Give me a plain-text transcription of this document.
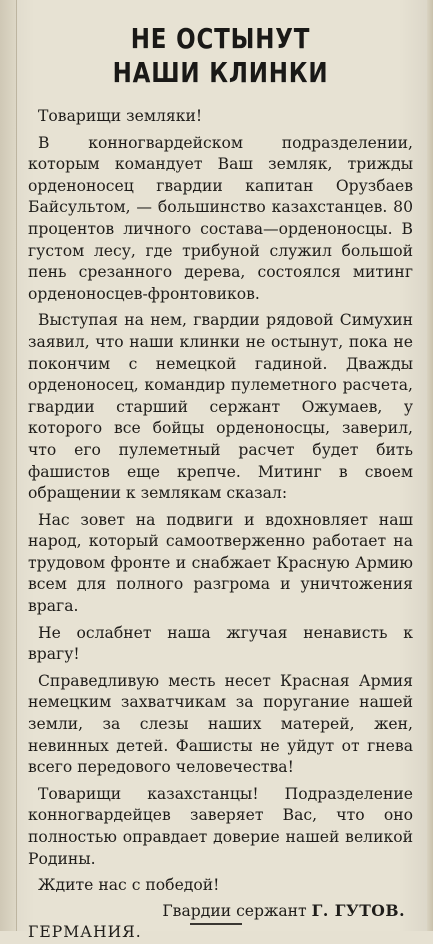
НЕ ОСТЫНУТ
НАШИ КЛИНКИ

Товарищи земляки!

В конногвардейском подразделении, которым командует Ваш земляк, трижды орденоносец гвардии капитан Орузбаев Байсультом, — большинство казахстанцев. 80 процентов личного состава—орденоносцы. В густом лесу, где трибуной служил большой пень срезанного дерева, состоялся митинг орденоносцев-фронтовиков.

Выступая на нем, гвардии рядовой Симухин заявил, что наши клинки не остынут, пока не покончим с немецкой гадиной. Дважды орденоносец, командир пулеметного расчета, гвардии старший сержант Ожумаев, у которого все бойцы орденоносцы, заверил, что его пулеметный расчет будет бить фашистов еще крепче. Митинг в своем обращении к землякам сказал:

Нас зовет на подвиги и вдохновляет наш народ, который самоотверженно работает на трудовом фронте и снабжает Красную Армию всем для полного разгрома и уничтожения врага.

Не ослабнет наша жгучая ненависть к врагу!

Справедливую месть несет Красная Армия немецким захватчикам за поругание нашей земли, за слезы наших матерей, жен, невинных детей. Фашисты не уйдут от гнева всего передового человечества!

Товарищи казахстанцы! Подразделение конногвардейцев заверяет Вас, что оно полностью оправдает доверие нашей великой Родины.

Ждите нас с победой!

Гвардии сержант Г. ГУТОВ.

ГЕРМАНИЯ.
